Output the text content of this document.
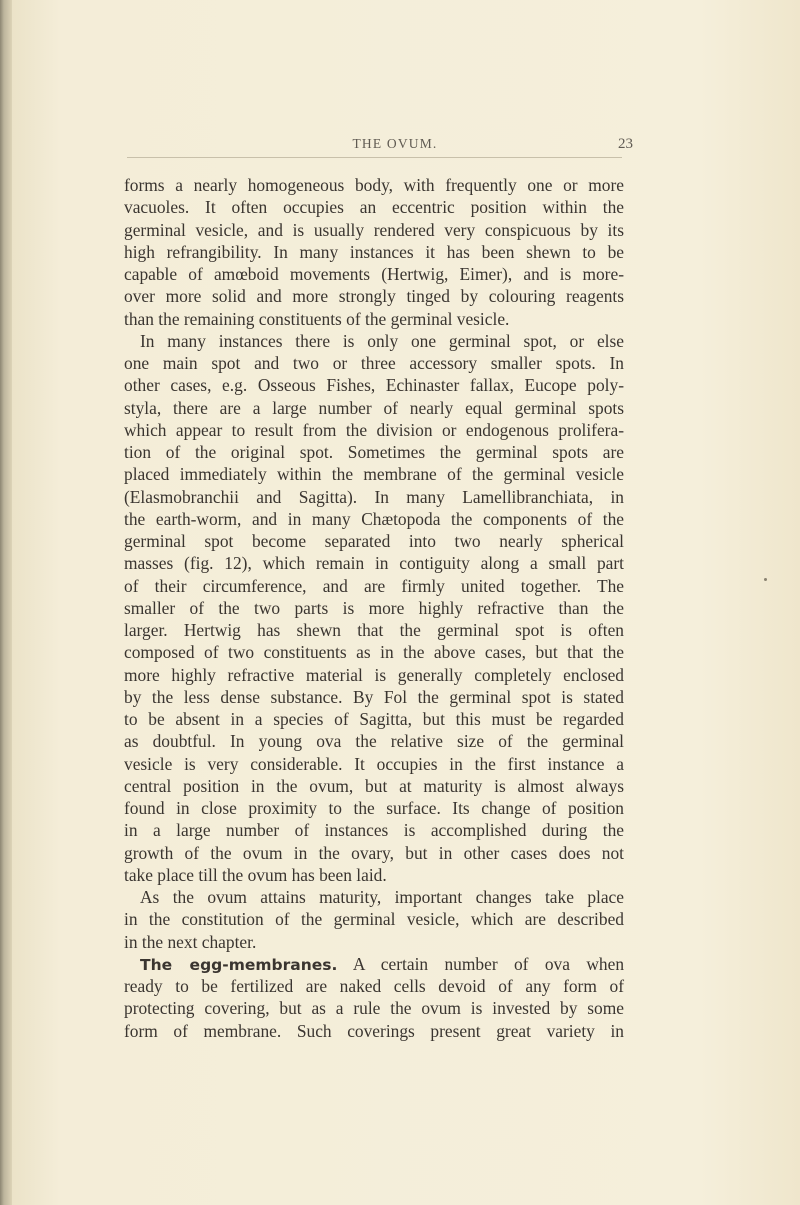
THE OVUM.	23
forms a nearly homogeneous body, with frequently one or more
vacuoles. It often occupies an eccentric position within the
germinal vesicle, and is usually rendered very conspicuous by its
high refrangibility. In many instances it has been shewn to be
capable of amœboid movements (Hertwig, Eimer), and is more-
over more solid and more strongly tinged by colouring reagents
than the remaining constituents of the germinal vesicle.
In many instances there is only one germinal spot, or else
one main spot and two or three accessory smaller spots. In
other cases, e.g. Osseous Fishes, Echinaster fallax, Eucope poly-
styla, there are a large number of nearly equal germinal spots
which appear to result from the division or endogenous prolifera-
tion of the original spot. Sometimes the germinal spots are
placed immediately within the membrane of the germinal vesicle
(Elasmobranchii and Sagitta). In many Lamellibranchiata, in
the earth-worm, and in many Chætopoda the components of the
germinal spot become separated into two nearly spherical
masses (fig. 12), which remain in contiguity along a small part
of their circumference, and are firmly united together. The
smaller of the two parts is more highly refractive than the
larger. Hertwig has shewn that the germinal spot is often
composed of two constituents as in the above cases, but that the
more highly refractive material is generally completely enclosed
by the less dense substance. By Fol the germinal spot is stated
to be absent in a species of Sagitta, but this must be regarded
as doubtful. In young ova the relative size of the germinal
vesicle is very considerable. It occupies in the first instance a
central position in the ovum, but at maturity is almost always
found in close proximity to the surface. Its change of position
in a large number of instances is accomplished during the
growth of the ovum in the ovary, but in other cases does not
take place till the ovum has been laid.
As the ovum attains maturity, important changes take place
in the constitution of the germinal vesicle, which are described
in the next chapter.
The egg-membranes. A certain number of ova when
ready to be fertilized are naked cells devoid of any form of
protecting covering, but as a rule the ovum is invested by some
form of membrane. Such coverings present great variety in
